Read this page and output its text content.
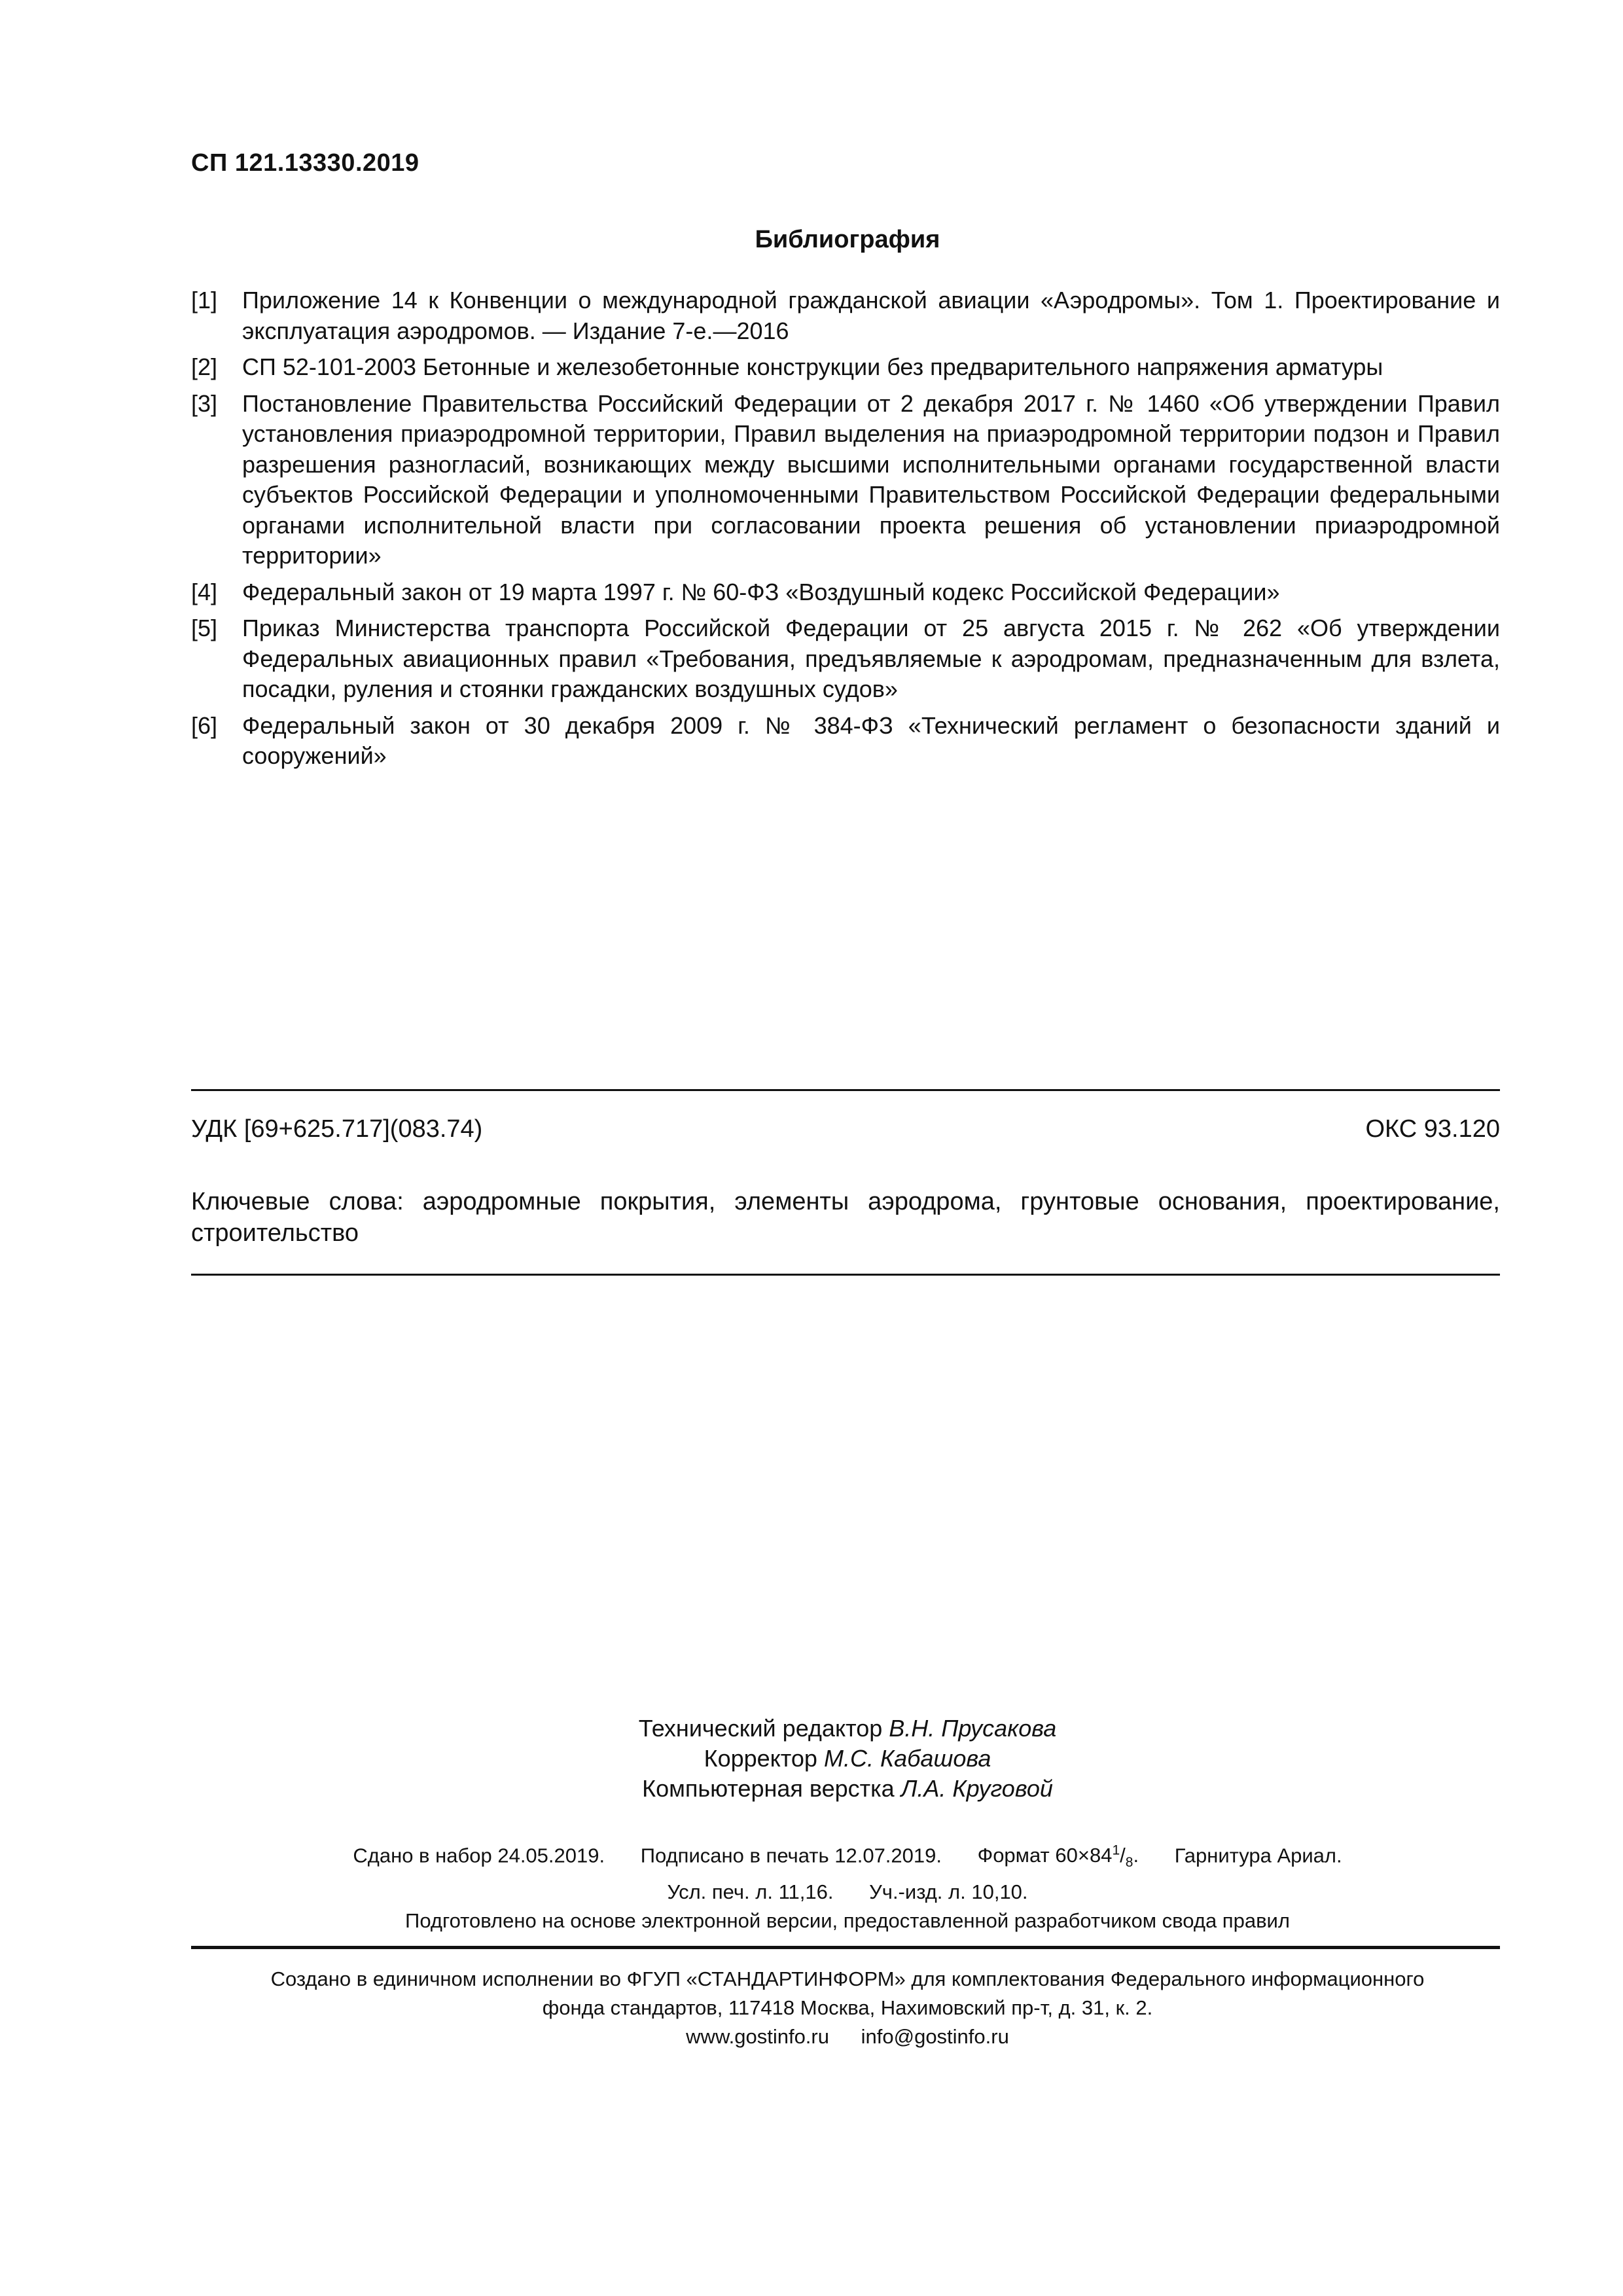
СП 121.13330.2019
Библиография
[1]	Приложение 14 к Конвенции о международной гражданской авиации «Аэродромы». Том 1. Проектирование и эксплуатация аэродромов. — Издание 7-е.—2016
[2]	СП 52-101-2003 Бетонные и железобетонные конструкции без предварительного напряжения арматуры
[3]	Постановление Правительства Российский Федерации от 2 декабря 2017 г. № 1460 «Об утверждении Правил установления приаэродромной территории, Правил выделения на приаэродромной территории подзон и Правил разрешения разногласий, возникающих между высшими исполнительными органами государственной власти субъектов Российской Федерации и уполномоченными Правительством Российской Федерации федеральными органами исполнительной власти при согласовании проекта решения об установлении приаэродромной территории»
[4]	Федеральный закон от 19 марта 1997 г. № 60-ФЗ «Воздушный кодекс Российской Федерации»
[5]	Приказ Министерства транспорта Российской Федерации от 25 августа 2015 г. № 262 «Об утверждении Федеральных авиационных правил «Требования, предъявляемые к аэродромам, предназначенным для взлета, посадки, руления и стоянки гражданских воздушных судов»
[6]	Федеральный закон от 30 декабря 2009 г. № 384-ФЗ «Технический регламент о безопасности зданий и сооружений»
УДК [69+625.717](083.74)	ОКС 93.120
Ключевые слова: аэродромные покрытия, элементы аэродрома, грунтовые основания, проектирование, строительство
Технический редактор В.Н. Прусакова
Корректор М.С. Кабашова
Компьютерная верстка Л.А. Круговой
Сдано в набор 24.05.2019. Подписано в печать 12.07.2019. Формат $60\times 84^1/_8$. Гарнитура Ариал.
Усл. печ. л. 11,16. Уч.-изд. л. 10,10.
Подготовлено на основе электронной версии, предоставленной разработчиком свода правил
Создано в единичном исполнении во ФГУП «СТАНДАРТИНФОРМ» для комплектования Федерального информационного
фонда стандартов, 117418 Москва, Нахимовский пр-т, д. 31, к. 2.
www.gostinfo.ru info@gostinfo.ru
